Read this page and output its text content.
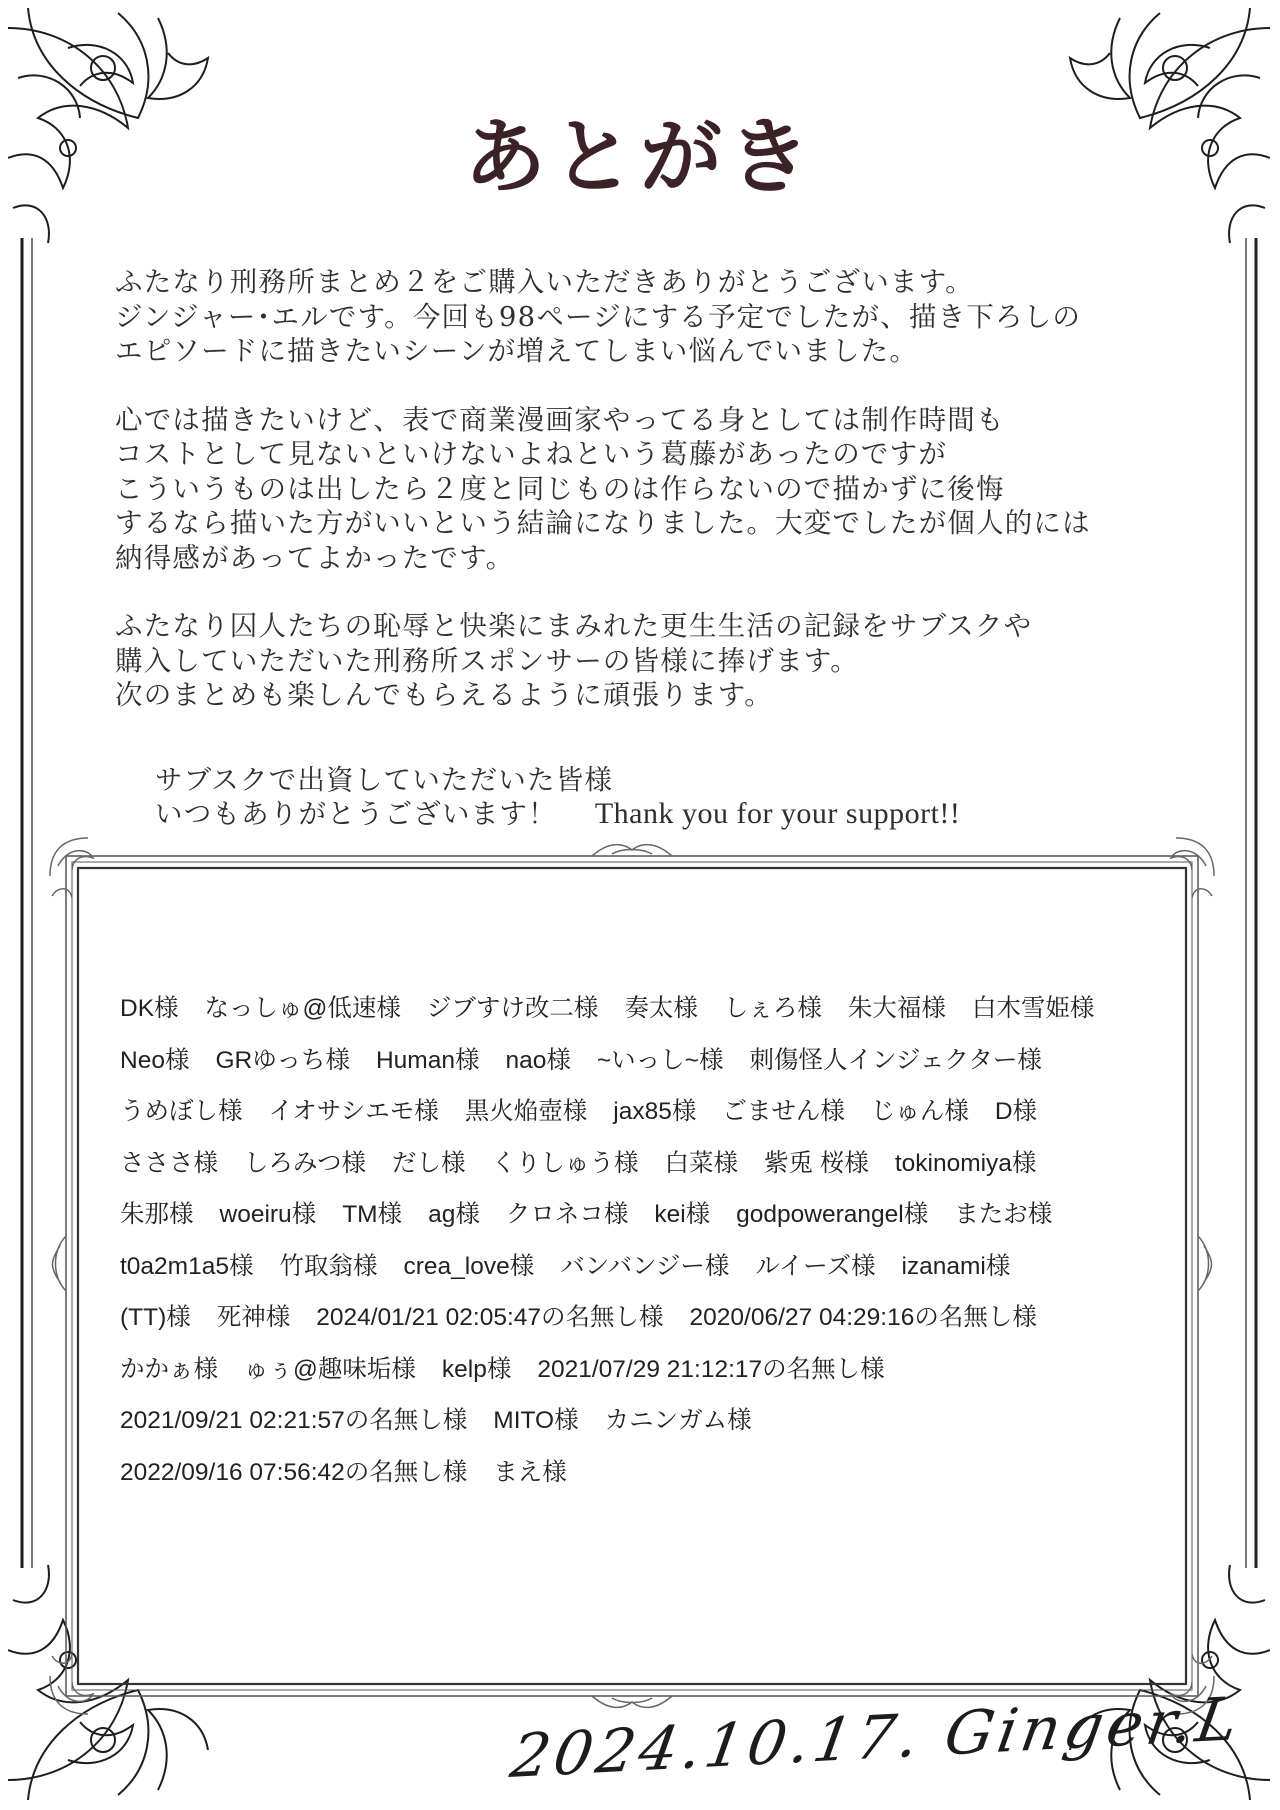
あとがき

ふたなり刑務所まとめ２をご購入いただきありがとうございます。
ジンジャー･エルです。今回も98ページにする予定でしたが、描き下ろしの
エピソードに描きたいシーンが増えてしまい悩んでいました。

心では描きたいけど、表で商業漫画家やってる身としては制作時間も
コストとして見ないといけないよねという葛藤があったのですが
こういうものは出したら２度と同じものは作らないので描かずに後悔
するなら描いた方がいいという結論になりました。大変でしたが個人的には
納得感があってよかったです。

ふたなり囚人たちの恥辱と快楽にまみれた更生生活の記録をサブスクや
購入していただいた刑務所スポンサーの皆様に捧げます。
次のまとめも楽しんでもらえるように頑張ります。

サブスクで出資していただいた皆様
いつもありがとうございます！ Thank you for your support!!
DK様 なっしゅ@低速様 ジブすけ改二様 奏太様 しぇろ様 朱大福様 白木雪姫様
Neo様 GRゆっち様 Human様 nao様 ~いっし~様 刺傷怪人インジェクター様
うめぼし様 イオサシエモ様 黒火焔壺様 jax85様 ごません様 じゅん様 D様
さささ様 しろみつ様 だし様 くりしゅう様 白菜様 紫兎 桜様 tokinomiya様
朱那様 woeiru様 TM様 ag様 クロネコ様 kei様 godpowerangel様 またお様
t0a2m1a5様 竹取翁様 crea_love様 バンバンジー様 ルイーズ様 izanami様
(TT)様 死神様 2024/01/21 02:05:47の名無し様 2020/06/27 04:29:16の名無し様
かかぁ様 ゅぅ@趣味垢様 kelp様 2021/07/29 21:12:17の名無し様
2021/09/21 02:21:57の名無し様 MITO様 カニンガム様
2022/09/16 07:56:42の名無し様 まえ様
2024.10.17. Ginger.L
